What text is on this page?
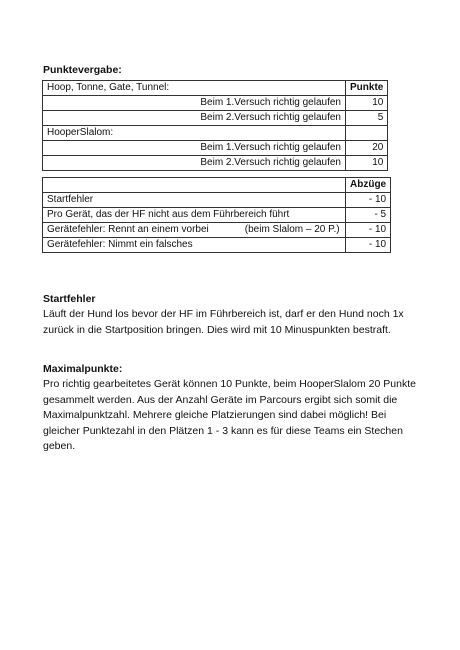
Punktevergabe:
Hoop, Tonne, Gate, Tunnel:	Punkte
Beim 1.Versuch richtig gelaufen	10
Beim 2.Versuch richtig gelaufen	5
HooperSlalom:	
Beim 1.Versuch richtig gelaufen	20
Beim 2.Versuch richtig gelaufen	10
	Abzüge
Startfehler	- 10
Pro Gerät, das der HF nicht aus dem Führbereich führt	- 5
Gerätefehler: Rennt an einem vorbei (beim Slalom – 20 P.)	- 10
Gerätefehler: Nimmt ein falsches	- 10
Startfehler
Läuft der Hund los bevor der HF im Führbereich ist, darf er den Hund noch 1x zurück in die Startposition bringen. Dies wird mit 10 Minuspunkten bestraft.
Maximalpunkte:
Pro richtig gearbeitetes Gerät können 10 Punkte, beim HooperSlalom 20 Punkte gesammelt werden. Aus der Anzahl Geräte im Parcours ergibt sich somit die Maximalpunktzahl. Mehrere gleiche Platzierungen sind dabei möglich! Bei gleicher Punktezahl in den Plätzen 1 - 3 kann es für diese Teams ein Stechen geben.
